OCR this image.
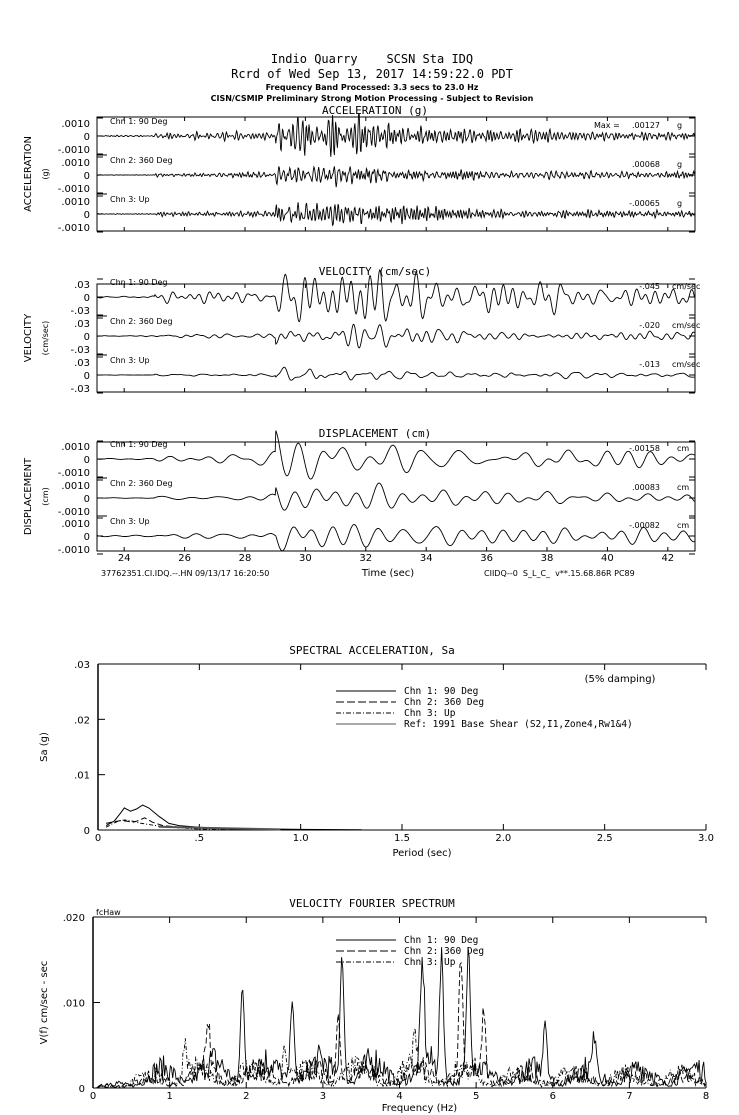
Indio Quarry    SCSN Sta IDQ
Rcrd of Wed Sep 13, 2017 14:59:22.0 PDT
Frequency Band Processed: 3.3 secs to 23.0 Hz
CISN/CSMIP Preliminary Strong Motion Processing - Subject to Revision
37762351.CI.IDQ.--.HN 09/13/17 16:20:50	CIIDQ--0  S_L_C_  v**.15.68.86R PC89
ACCELERATION (g)
ACCELERATION (g)
.0010
0
-.0010
Chn 1: 90 Deg	Max = .00127 g
.0010
0
-.0010
Chn 2: 360 Deg	.00068 g
.0010
0
-.0010
Chn 3: Up	-.00065 g
VELOCITY (cm/sec)
VELOCITY (cm/sec)
.03
0
-.03
Chn 1: 90 Deg	-.045 cm/sec
.03
0
-.03
Chn 2: 360 Deg	-.020 cm/sec
.03
0
-.03
Chn 3: Up	-.013 cm/sec
DISPLACEMENT (cm)
DISPLACEMENT (cm)
.0010
0
-.0010
Chn 1: 90 Deg	-.00158 cm
.0010
0
-.0010
Chn 2: 360 Deg	.00083 cm
.0010
0
-.0010
Chn 3: Up	-.00082 cm
24	26	28	30	32	34	36	38	40	42
Time (sec)
SPECTRAL ACCELERATION, Sa
0	.5	1.0	1.5	2.0	2.5	3.0
.03
.02
.01
0
Period (sec)
Sa (g)
Chn 1: 90 Deg
Chn 2: 360 Deg
Chn 3: Up
Ref: 1991 Base Shear (S2,I1,Zone4,Rw1&4)
(5% damping)
VELOCITY FOURIER SPECTRUM
0	1	2	3	4	5	6	7	8
.020
.010
0
Frequency (Hz)
V(f) cm/sec - sec
Chn 1: 90 Deg
Chn 2: 360 Deg
Chn 3: Up
fcHaw
